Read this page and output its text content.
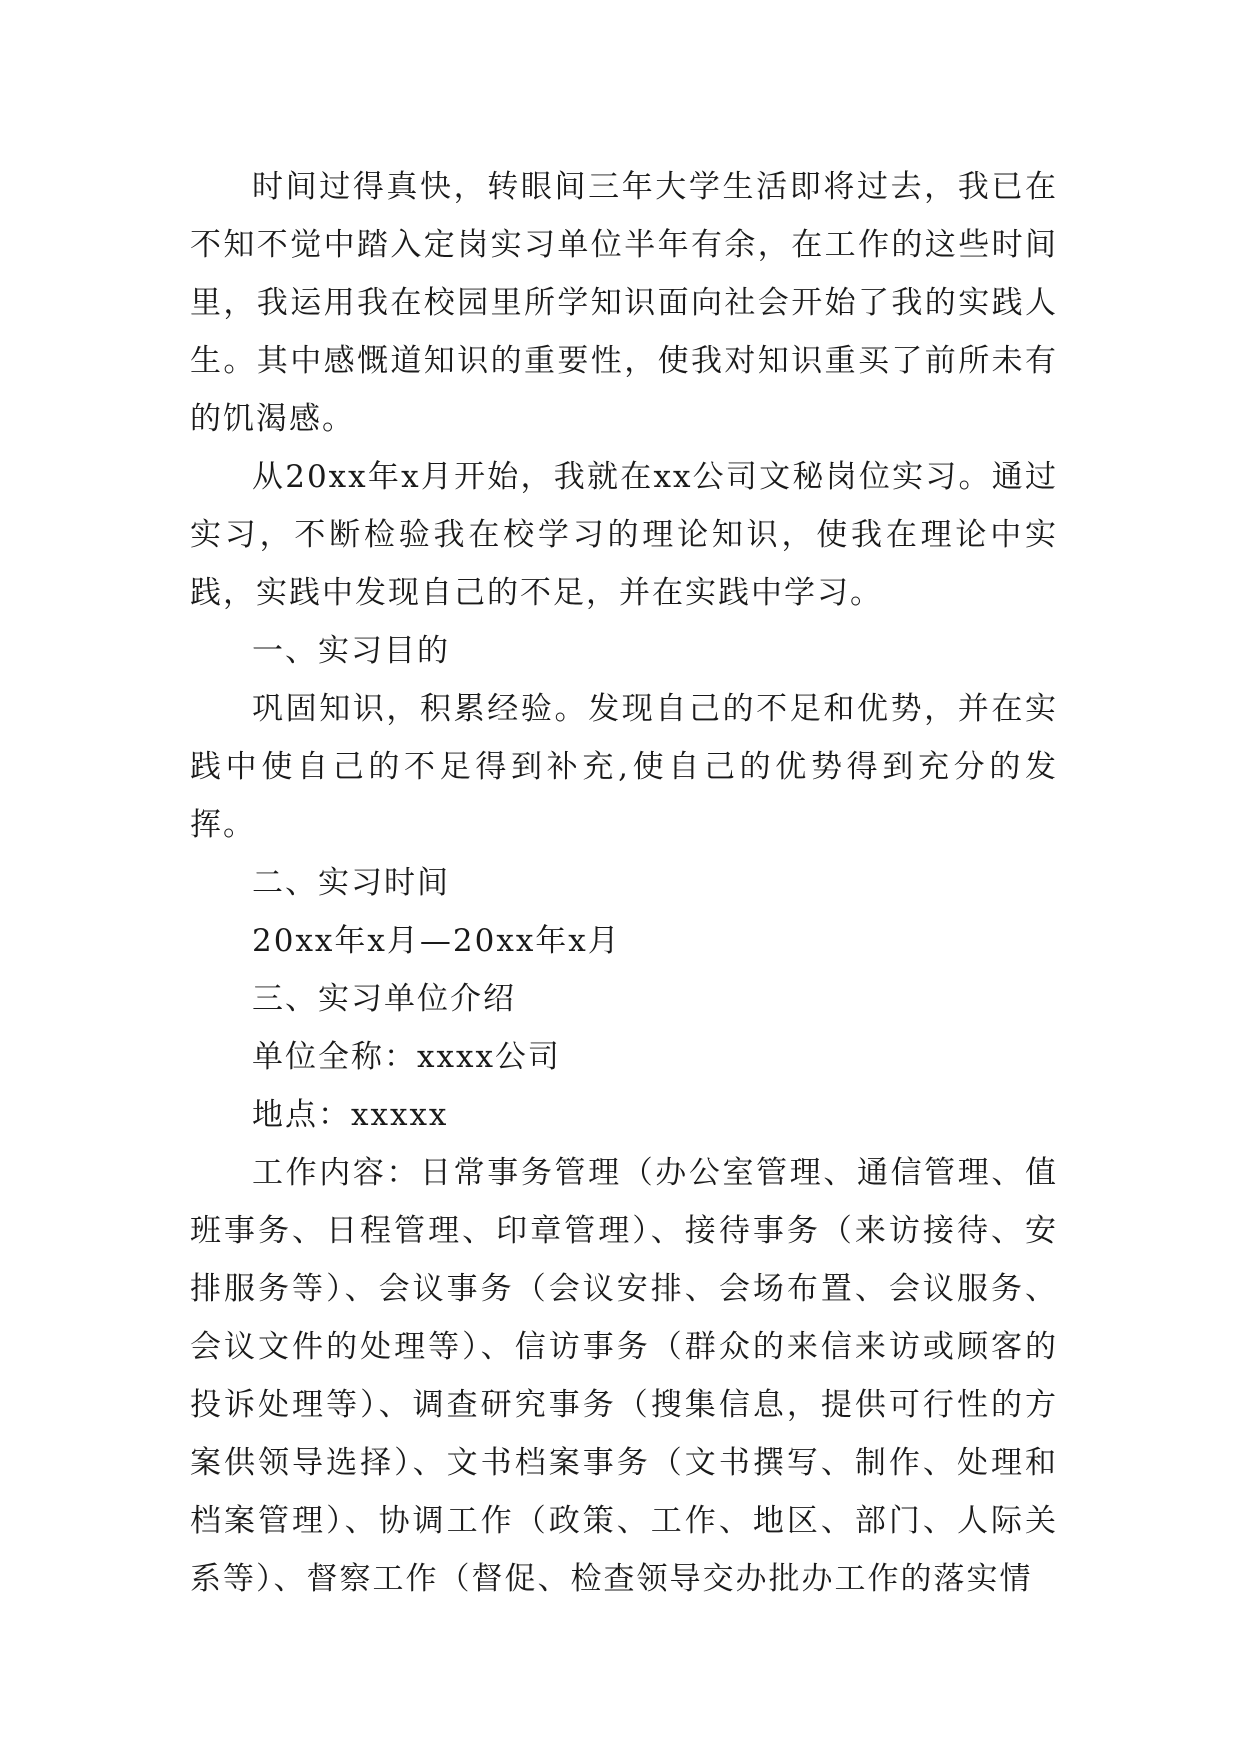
时间过得真快，转眼间三年大学生活即将过去，我已在不知不觉中踏入定岗实习单位半年有余，在工作的这些时间里，我运用我在校园里所学知识面向社会开始了我的实践人生。其中感慨道知识的重要性，使我对知识重买了前所未有的饥渴感。

从20xx年x月开始，我就在xx公司文秘岗位实习。通过实习，不断检验我在校学习的理论知识，使我在理论中实践，实践中发现自己的不足，并在实践中学习。

一、实习目的

巩固知识，积累经验。发现自己的不足和优势，并在实践中使自己的不足得到补充,使自己的优势得到充分的发挥。

二、实习时间

20xx年x月—20xx年x月

三、实习单位介绍

单位全称：xxxx公司

地点：xxxxx

工作内容：日常事务管理（办公室管理、通信管理、值班事务、日程管理、印章管理）、接待事务（来访接待、安排服务等）、会议事务（会议安排、会场布置、会议服务、会议文件的处理等）、信访事务（群众的来信来访或顾客的投诉处理等）、调查研究事务（搜集信息，提供可行性的方案供领导选择）、文书档案事务（文书撰写、制作、处理和档案管理）、协调工作（政策、工作、地区、部门、人际关系等）、督察工作（督促、检查领导交办批办工作的落实情
